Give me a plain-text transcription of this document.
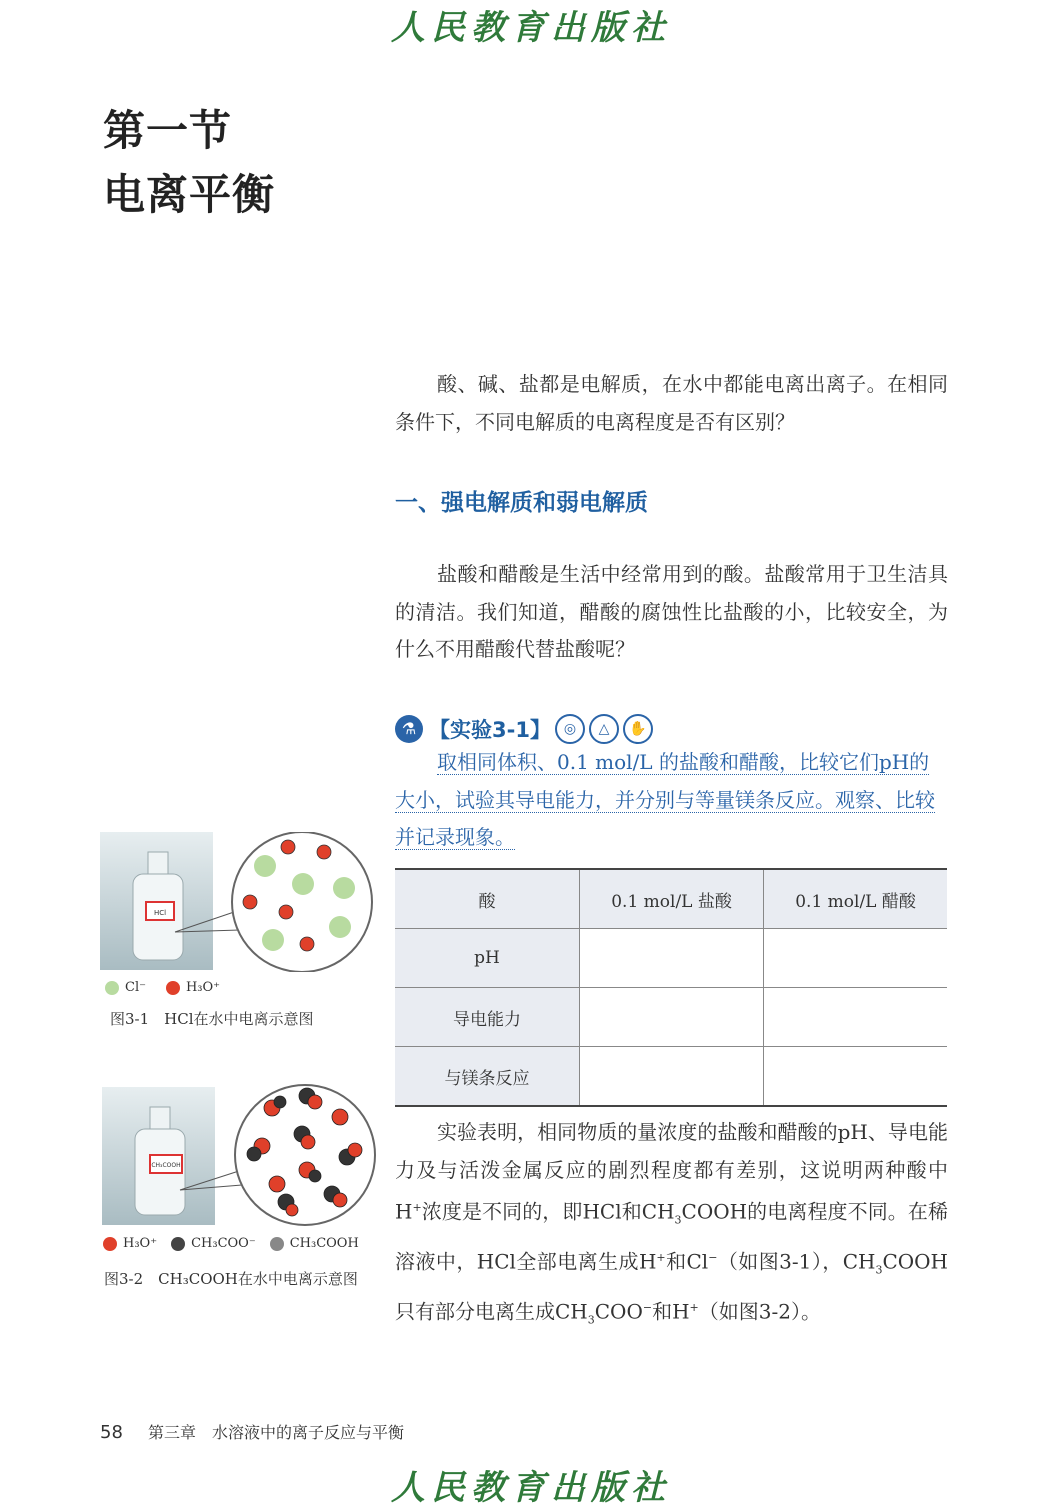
人民教育出版社
第一节
电离平衡

酸、碱、盐都是电解质，在水中都能电离出离子。在相同条件下，不同电解质的电离程度是否有区别？

一、强电解质和弱电解质

盐酸和醋酸是生活中经常用到的酸。盐酸常用于卫生洁具的清洁。我们知道，醋酸的腐蚀性比盐酸的小，比较安全，为什么不用醋酸代替盐酸呢？

⚗ 【实验3-1】 ◎	△	✋

取相同体积、0.1 mol/L 的盐酸和醋酸，比较它们pH的大小，试验其导电能力，并分别与等量镁条反应。观察、比较并记录现象。

酸	0.1 mol/L 盐酸	0.1 mol/L 醋酸
pH		
导电能力		
与镁条反应		

实验表明，相同物质的量浓度的盐酸和醋酸的pH、导电能力及与活泼金属反应的剧烈程度都有差别，这说明两种酸中H+浓度是不同的，即HCl和$CH_3COOH$的电离程度不同。在稀溶液中，HCl全部电离生成H+和Cl−（如图3-1），$CH_3COOH$只有部分电离生成$CH_3COO^-$和H+（如图3-2）。

HCl
Cl⁻	H₃O⁺
图3-1　HCl在水中电离示意图
CH₃COOH
H₃O⁺	CH₃COO⁻	CH₃COOH
图3-2　CH₃COOH在水中电离示意图
58 第三章　水溶液中的离子反应与平衡
人民教育出版社
